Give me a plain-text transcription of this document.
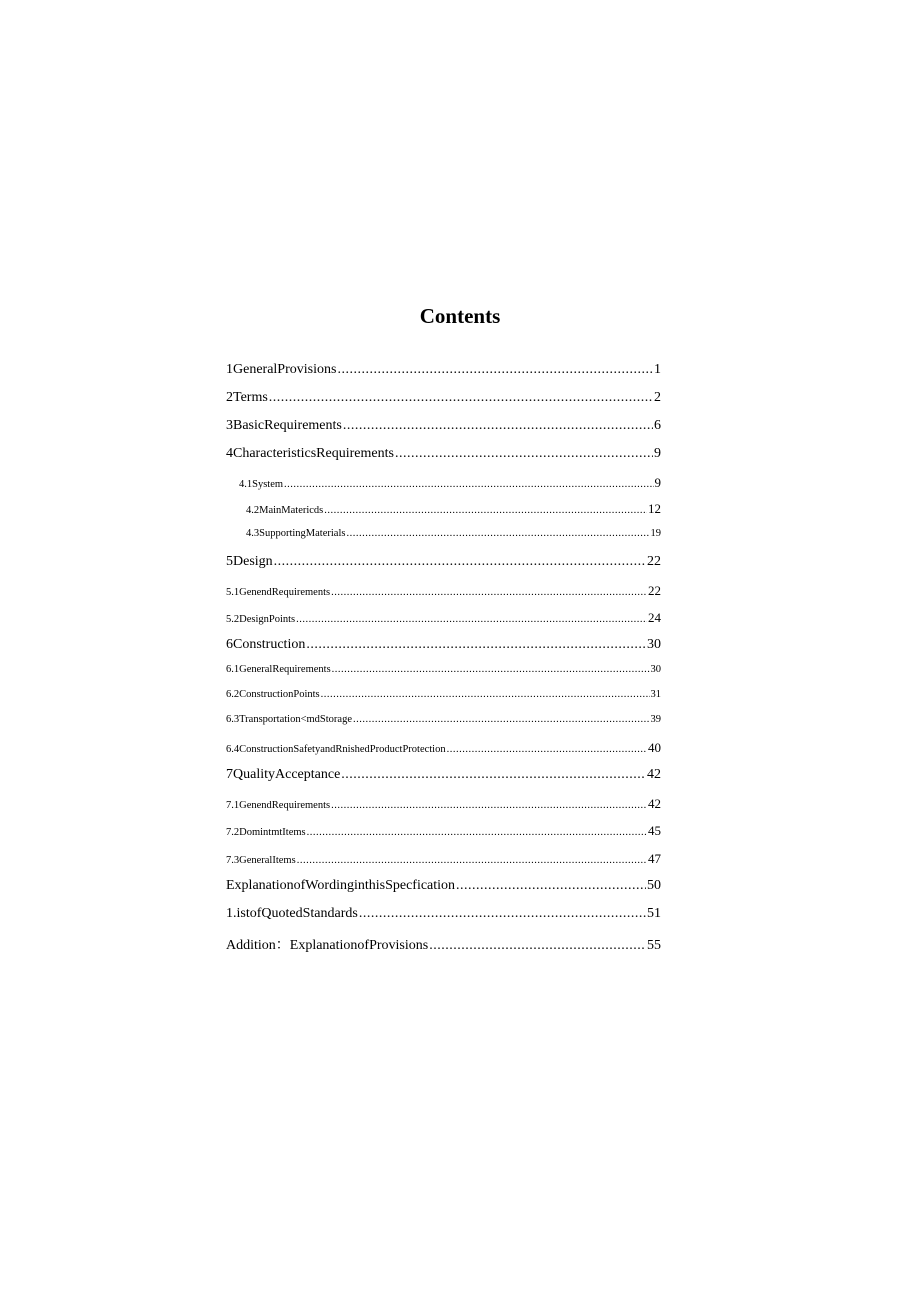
Contents
1 GeneralProvisions .....	1
2 Terms .....	2
3 BasicRequirements .....	6
4 CharacteristicsRequirements .....	9
4.1 System .....	9
4.2 MainMatericds .....	12
4.3 SupportingMaterials .....	19
5 Design .....	22
5.1 GenendRequirements .....	22
5.2 DesignPoints .....	24
6 Construction .....	30
6.1 GeneralRequirements .....	30
6.2 ConstructionPoints .....	31
6.3 Transportation<mdStorage .....	39
6.4 ConstructionSafetyandRnishedProductProtection .....	40
7 QualityAcceptance .....	42
7.1 GenendRequirements .....	42
7.2 DomintmtItems .....	45
7.3 GeneralItems .....	47
ExplanationofWordinginthisSpecfication .....	50
1.istofQuotedStandards .....	51
Addition：ExplanationofProvisions .....	55
